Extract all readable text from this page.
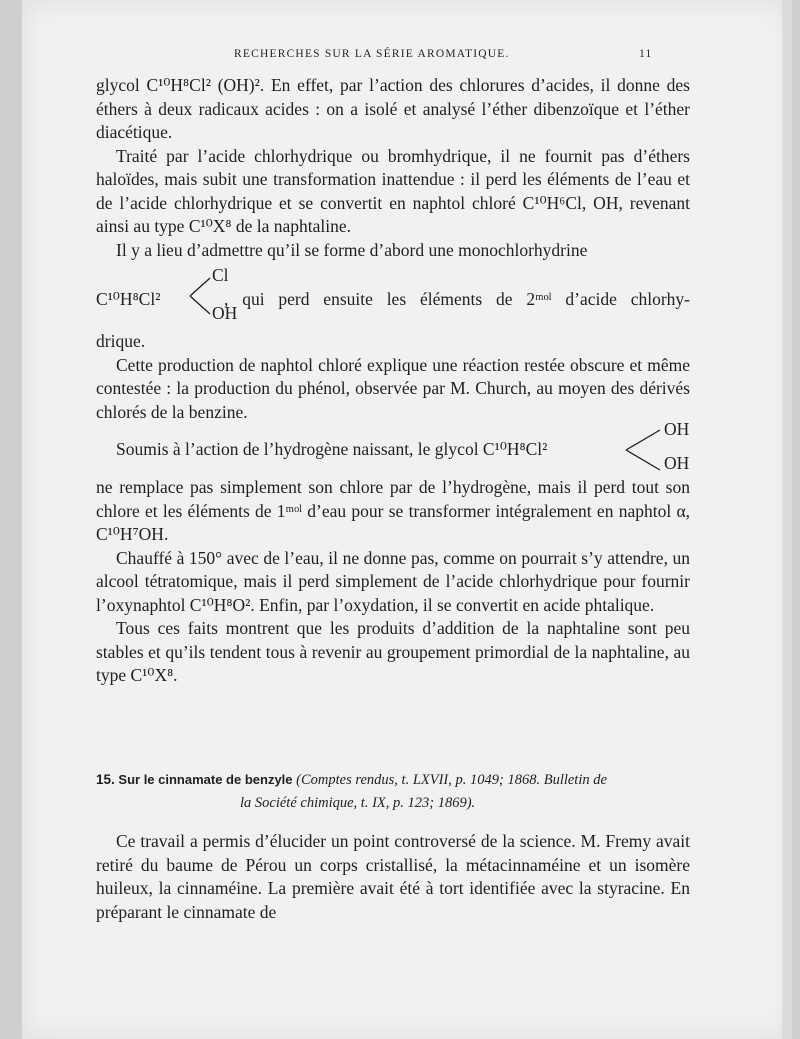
RECHERCHES SUR LA SÉRIE AROMATIQUE.	11

glycol C¹⁰H⁸Cl² (OH)². En effet, par l’action des chlorures d’acides, il donne des éthers à deux radicaux acides : on a isolé et analysé l’éther dibenzoïque et l’éther diacétique.

Traité par l’acide chlorhydrique ou bromhydrique, il ne fournit pas d’éthers haloïdes, mais subit une transformation inattendue : il perd les éléments de l’eau et de l’acide chlorhydrique et se convertit en naphtol chloré C¹⁰H⁶Cl, OH, revenant ainsi au type C¹⁰X⁸ de la naphtaline.

Il y a lieu d’admettre qu’il se forme d’abord une monochlorhydrine

C¹⁰H⁸Cl²
Cl
OH
, qui perd ensuite les éléments de 2ᵐᵒˡ d’acide chlorhy-

drique.

Cette production de naphtol chloré explique une réaction restée obscure et même contestée : la production du phénol, observée par M. Church, au moyen des dérivés chlorés de la benzine.

Soumis à l’action de l’hydrogène naissant, le glycol C¹⁰H⁸Cl²
OH
OH

ne remplace pas simplement son chlore par de l’hydrogène, mais il perd tout son chlore et les éléments de 1ᵐᵒˡ d’eau pour se transformer intégralement en naphtol α, C¹⁰H⁷OH.

Chauffé à 150° avec de l’eau, il ne donne pas, comme on pourrait s’y attendre, un alcool tétratomique, mais il perd simplement de l’acide chlorhydrique pour fournir l’oxynaphtol C¹⁰H⁸O². Enfin, par l’oxydation, il se convertit en acide phtalique.

Tous ces faits montrent que les produits d’addition de la naphtaline sont peu stables et qu’ils tendent tous à revenir au groupement primordial de la naphtaline, au type C¹⁰X⁸.

15. Sur le cinnamate de benzyle (Comptes rendus, t. LXVII, p. 1049; 1868. Bulletin de
la Société chimique, t. IX, p. 123; 1869).

Ce travail a permis d’élucider un point controversé de la science. M. Fremy avait retiré du baume de Pérou un corps cristallisé, la métacinnaméine et un isomère huileux, la cinnaméine. La première avait été à tort identifiée avec la styracine. En préparant le cinnamate de
